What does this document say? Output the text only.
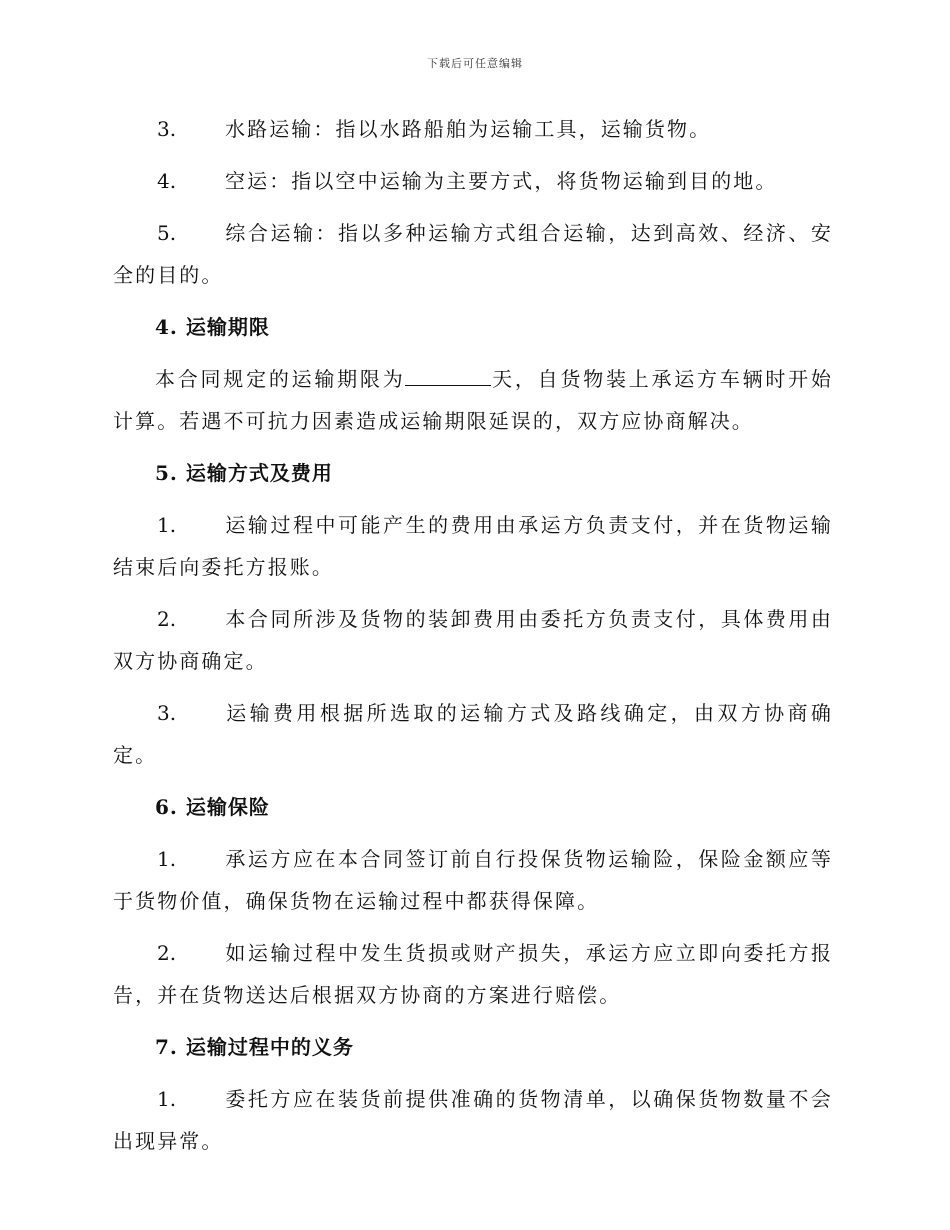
下载后可任意编辑

3. 水路运输：指以水路船舶为运输工具，运输货物。

4. 空运：指以空中运输为主要方式，将货物运输到目的地。

5. 综合运输：指以多种运输方式组合运输，达到高效、经济、安全的目的。

4. 运输期限

本合同规定的运输期限为	天，自货物装上承运方车辆时开始计算。若遇不可抗力因素造成运输期限延误的，双方应协商解决。

5. 运输方式及费用

1. 运输过程中可能产生的费用由承运方负责支付，并在货物运输结束后向委托方报账。

2. 本合同所涉及货物的装卸费用由委托方负责支付，具体费用由双方协商确定。

3. 运输费用根据所选取的运输方式及路线确定，由双方协商确定。

6. 运输保险

1. 承运方应在本合同签订前自行投保货物运输险，保险金额应等于货物价值，确保货物在运输过程中都获得保障。

2. 如运输过程中发生货损或财产损失，承运方应立即向委托方报告，并在货物送达后根据双方协商的方案进行赔偿。

7. 运输过程中的义务

1. 委托方应在装货前提供准确的货物清单，以确保货物数量不会出现异常。
